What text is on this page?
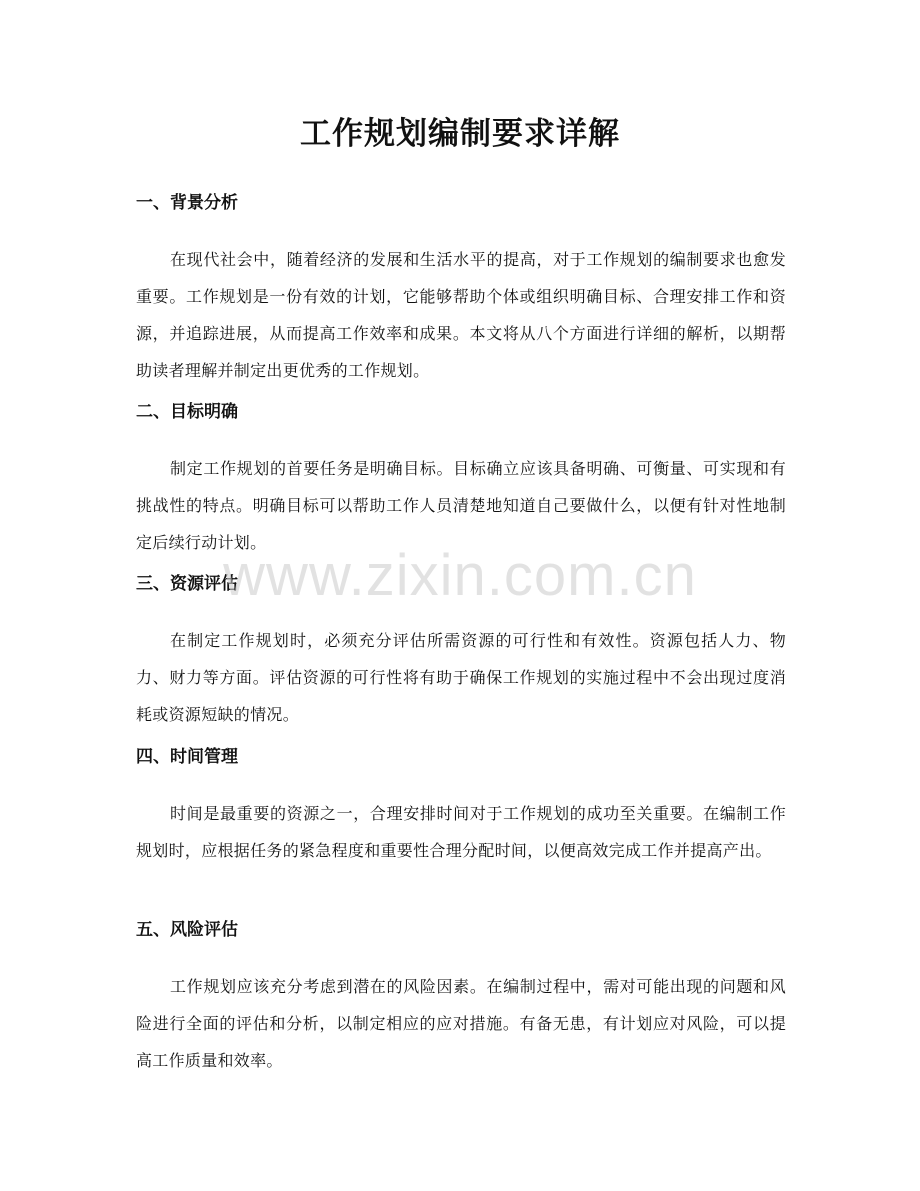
工作规划编制要求详解
一、背景分析

在现代社会中，随着经济的发展和生活水平的提高，对于工作规划的编制要求也愈发重要。工作规划是一份有效的计划，它能够帮助个体或组织明确目标、合理安排工作和资源，并追踪进展，从而提高工作效率和成果。本文将从八个方面进行详细的解析，以期帮助读者理解并制定出更优秀的工作规划。

二、目标明确

制定工作规划的首要任务是明确目标。目标确立应该具备明确、可衡量、可实现和有挑战性的特点。明确目标可以帮助工作人员清楚地知道自己要做什么，以便有针对性地制定后续行动计划。

三、资源评估

在制定工作规划时，必须充分评估所需资源的可行性和有效性。资源包括人力、物力、财力等方面。评估资源的可行性将有助于确保工作规划的实施过程中不会出现过度消耗或资源短缺的情况。

四、时间管理

时间是最重要的资源之一，合理安排时间对于工作规划的成功至关重要。在编制工作规划时，应根据任务的紧急程度和重要性合理分配时间，以便高效完成工作并提高产出。

五、风险评估

工作规划应该充分考虑到潜在的风险因素。在编制过程中，需对可能出现的问题和风险进行全面的评估和分析，以制定相应的应对措施。有备无患，有计划应对风险，可以提高工作质量和效率。

www.zixin.com.cn
